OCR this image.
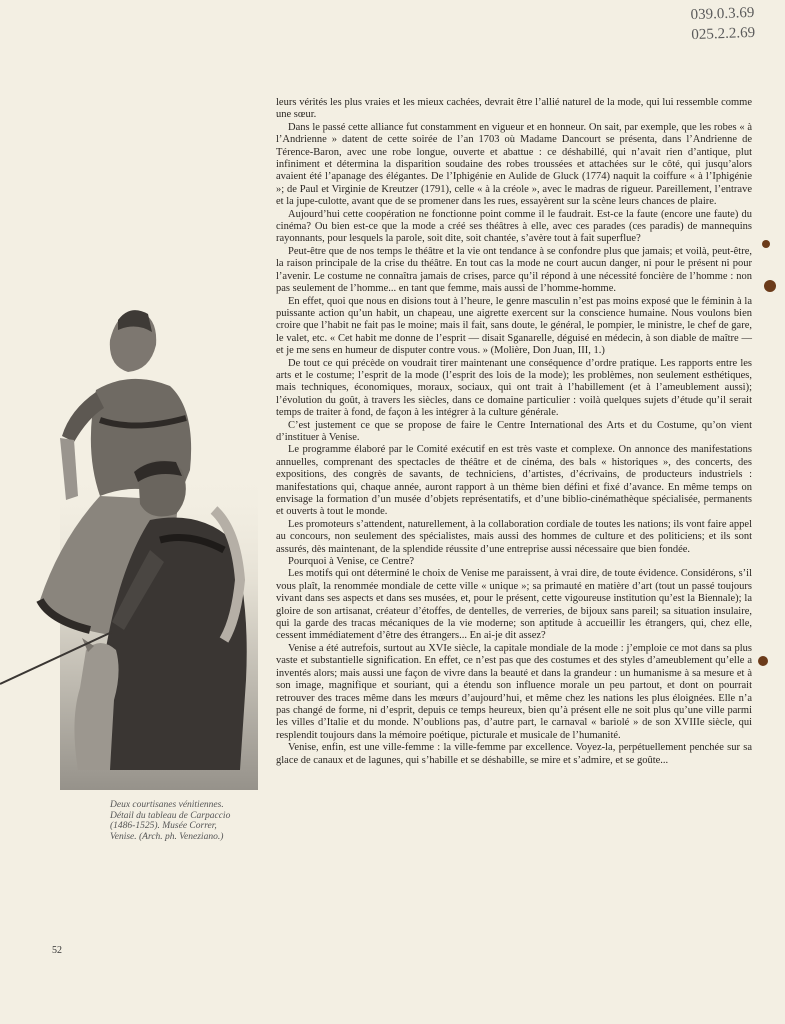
039.0.3.69
025.2.2.69
Deux courtisanes vénitiennes.
Détail du tableau de Carpaccio
(1486-1525). Musée Correr,
Venise. (Arch. ph. Veneziano.)

leurs vérités les plus vraies et les mieux cachées, devrait être l’allié naturel de la mode, qui lui ressemble comme une sœur.

Dans le passé cette alliance fut constamment en vigueur et en honneur. On sait, par exemple, que les robes « à l’Andrienne » datent de cette soirée de l’an 1703 où Madame Dancourt se présenta, dans l’Andrienne de Térence-Baron, avec une robe longue, ouverte et abattue : ce déshabillé, qui n’avait rien d’antique, plut infiniment et détermina la disparition soudaine des robes troussées et attachées sur le côté, qui jusqu’alors avaient été l’apanage des élégantes. De l’Iphigénie en Aulide de Gluck (1774) naquit la coiffure « à l’Iphigénie »; de Paul et Virginie de Kreutzer (1791), celle « à la créole », avec le madras de rigueur. Pareillement, l’entrave et la jupe-culotte, avant que de se promener dans les rues, essayèrent sur la scène leurs chances de plaire.

Aujourd’hui cette coopération ne fonctionne point comme il le faudrait. Est-ce la faute (encore une faute) du cinéma? Ou bien est-ce que la mode a créé ses théâtres à elle, avec ces parades (ces paradis) de mannequins rayonnants, pour lesquels la parole, soit dite, soit chantée, s’avère tout à fait superflue?

Peut-être que de nos temps le théâtre et la vie ont tendance à se confondre plus que jamais; et voilà, peut-être, la raison principale de la crise du théâtre. En tout cas la mode ne court aucun danger, ni pour le présent ni pour l’avenir. Le costume ne connaîtra jamais de crises, parce qu’il répond à une nécessité foncière de l’homme : non pas seulement de l’homme... en tant que femme, mais aussi de l’homme-homme.

En effet, quoi que nous en disions tout à l’heure, le genre masculin n’est pas moins exposé que le féminin à la puissante action qu’un habit, un chapeau, une aigrette exercent sur la conscience humaine. Nous voulons bien croire que l’habit ne fait pas le moine; mais il fait, sans doute, le général, le pompier, le ministre, le chef de gare, le valet, etc. « Cet habit me donne de l’esprit — disait Sganarelle, déguisé en médecin, à son diable de maître — et je me sens en humeur de disputer contre vous. » (Molière, Don Juan, III, 1.)

De tout ce qui précède on voudrait tirer maintenant une conséquence d’ordre pratique. Les rapports entre les arts et le costume; l’esprit de la mode (l’esprit des lois de la mode); les problèmes, non seulement esthétiques, mais techniques, économiques, moraux, sociaux, qui ont trait à l’habillement (et à l’ameublement aussi); l’évolution du goût, à travers les siècles, dans ce domaine particulier : voilà quelques sujets d’étude qu’il serait temps de traiter à fond, de façon à les intégrer à la culture générale.

C’est justement ce que se propose de faire le Centre International des Arts et du Costume, qu’on vient d’instituer à Venise.

Le programme élaboré par le Comité exécutif en est très vaste et complexe. On annonce des manifestations annuelles, comprenant des spectacles de théâtre et de cinéma, des bals « historiques », des concerts, des expositions, des congrès de savants, de techniciens, d’artistes, d’écrivains, de producteurs industriels : manifestations qui, chaque année, auront rapport à un thème bien défini et fixé d’avance. En même temps on envisage la formation d’un musée d’objets représentatifs, et d’une biblio-cinémathèque spécialisée, permanents et ouverts à tout le monde.

Les promoteurs s’attendent, naturellement, à la collaboration cordiale de toutes les nations; ils vont faire appel au concours, non seulement des spécialistes, mais aussi des hommes de culture et des politiciens; et ils sont assurés, dès maintenant, de la splendide réussite d’une entreprise aussi nécessaire que bien fondée.

Pourquoi à Venise, ce Centre?

Les motifs qui ont déterminé le choix de Venise me paraissent, à vrai dire, de toute évidence. Considérons, s’il vous plaît, la renommée mondiale de cette ville « unique »; sa primauté en matière d’art (tout un passé toujours vivant dans ses aspects et dans ses musées, et, pour le présent, cette vigoureuse institution qu’est la Biennale); la gloire de son artisanat, créateur d’étoffes, de dentelles, de verreries, de bijoux sans pareil; sa situation insulaire, qui la garde des tracas mécaniques de la vie moderne; son aptitude à accueillir les étrangers, qui, chez elle, cessent immédiatement d’être des étrangers... En ai-je dit assez?

Venise a été autrefois, surtout au XVIe siècle, la capitale mondiale de la mode : j’emploie ce mot dans sa plus vaste et substantielle signification. En effet, ce n’est pas que des costumes et des styles d’ameublement qu’elle a inventés alors; mais aussi une façon de vivre dans la beauté et dans la grandeur : un humanisme à sa mesure et à son image, magnifique et souriant, qui a étendu son influence morale un peu partout, et dont on pourrait retrouver des traces même dans les mœurs d’aujourd’hui, et même chez les nations les plus éloignées. Elle n’a pas changé de forme, ni d’esprit, depuis ce temps heureux, bien qu’à présent elle ne soit plus qu’une ville parmi les villes d’Italie et du monde. N’oublions pas, d’autre part, le carnaval « bariolé » de son XVIIIe siècle, qui resplendit toujours dans la mémoire poétique, picturale et musicale de l’humanité.

Venise, enfin, est une ville-femme : la ville-femme par excellence. Voyez-la, perpétuellement penchée sur sa glace de canaux et de lagunes, qui s’habille et se déshabille, se mire et s’admire, et se goûte...

52
